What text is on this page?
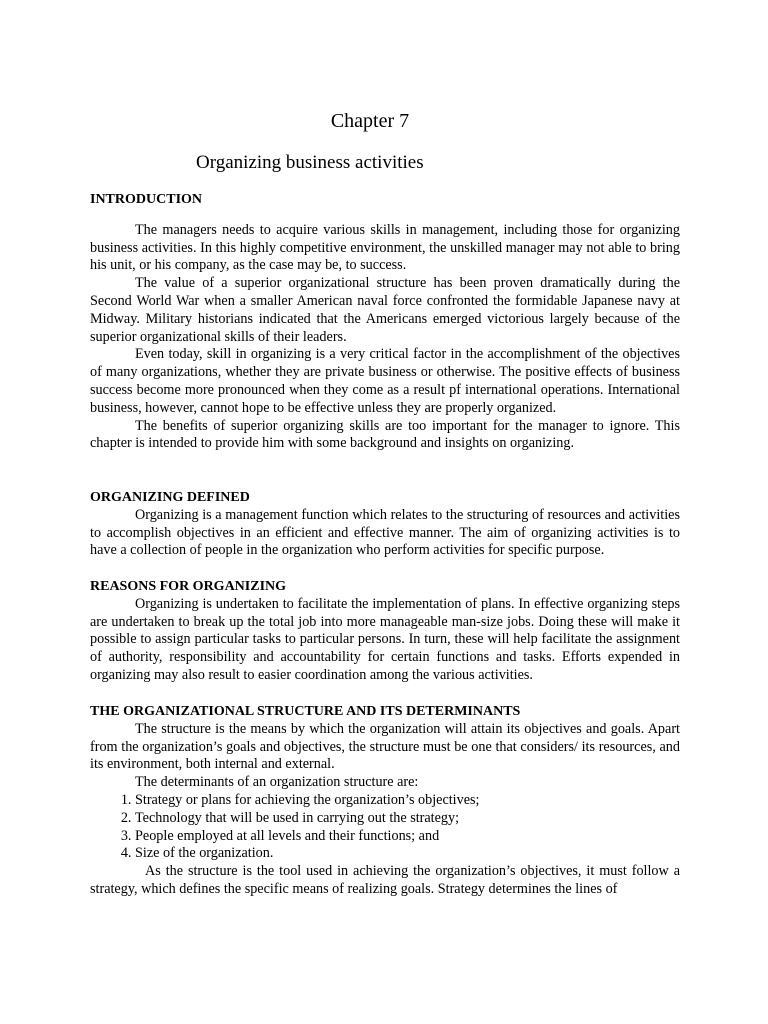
Chapter 7
Organizing business activities
INTRODUCTION

The managers needs to acquire various skills in management, including those for organizing business activities. In this highly competitive environment, the unskilled manager may not able to bring his unit, or his company, as the case may be, to success.

The value of a superior organizational structure has been proven dramatically during the Second World War when a smaller American naval force confronted the formidable Japanese navy at Midway. Military historians indicated that the Americans emerged victorious largely because of the superior organizational skills of their leaders.

Even today, skill in organizing is a very critical factor in the accomplishment of the objectives of many organizations, whether they are private business or otherwise. The positive effects of business success become more pronounced when they come as a result pf international operations. International business, however, cannot hope to be effective unless they are properly organized.

The benefits of superior organizing skills are too important for the manager to ignore. This chapter is intended to provide him with some background and insights on organizing.

ORGANIZING DEFINED

Organizing is a management function which relates to the structuring of resources and activities to accomplish objectives in an efficient and effective manner. The aim of organizing activities is to have a collection of people in the organization who perform activities for specific purpose.

REASONS FOR ORGANIZING

Organizing is undertaken to facilitate the implementation of plans. In effective organizing steps are undertaken to break up the total job into more manageable man-size jobs. Doing these will make it possible to assign particular tasks to particular persons. In turn, these will help facilitate the assignment of authority, responsibility and accountability for certain functions and tasks. Efforts expended in organizing may also result to easier coordination among the various activities.

THE ORGANIZATIONAL STRUCTURE AND ITS DETERMINANTS

The structure is the means by which the organization will attain its objectives and goals. Apart from the organization’s goals and objectives, the structure must be one that considers/ its resources, and its environment, both internal and external.

The determinants of an organization structure are:

1. Strategy or plans for achieving the organization’s objectives;
2. Technology that will be used in carrying out the strategy;
3. People employed at all levels and their functions; and
4. Size of the organization.

As the structure is the tool used in achieving the organization’s objectives, it must follow a strategy, which defines the specific means of realizing goals. Strategy determines the lines of
